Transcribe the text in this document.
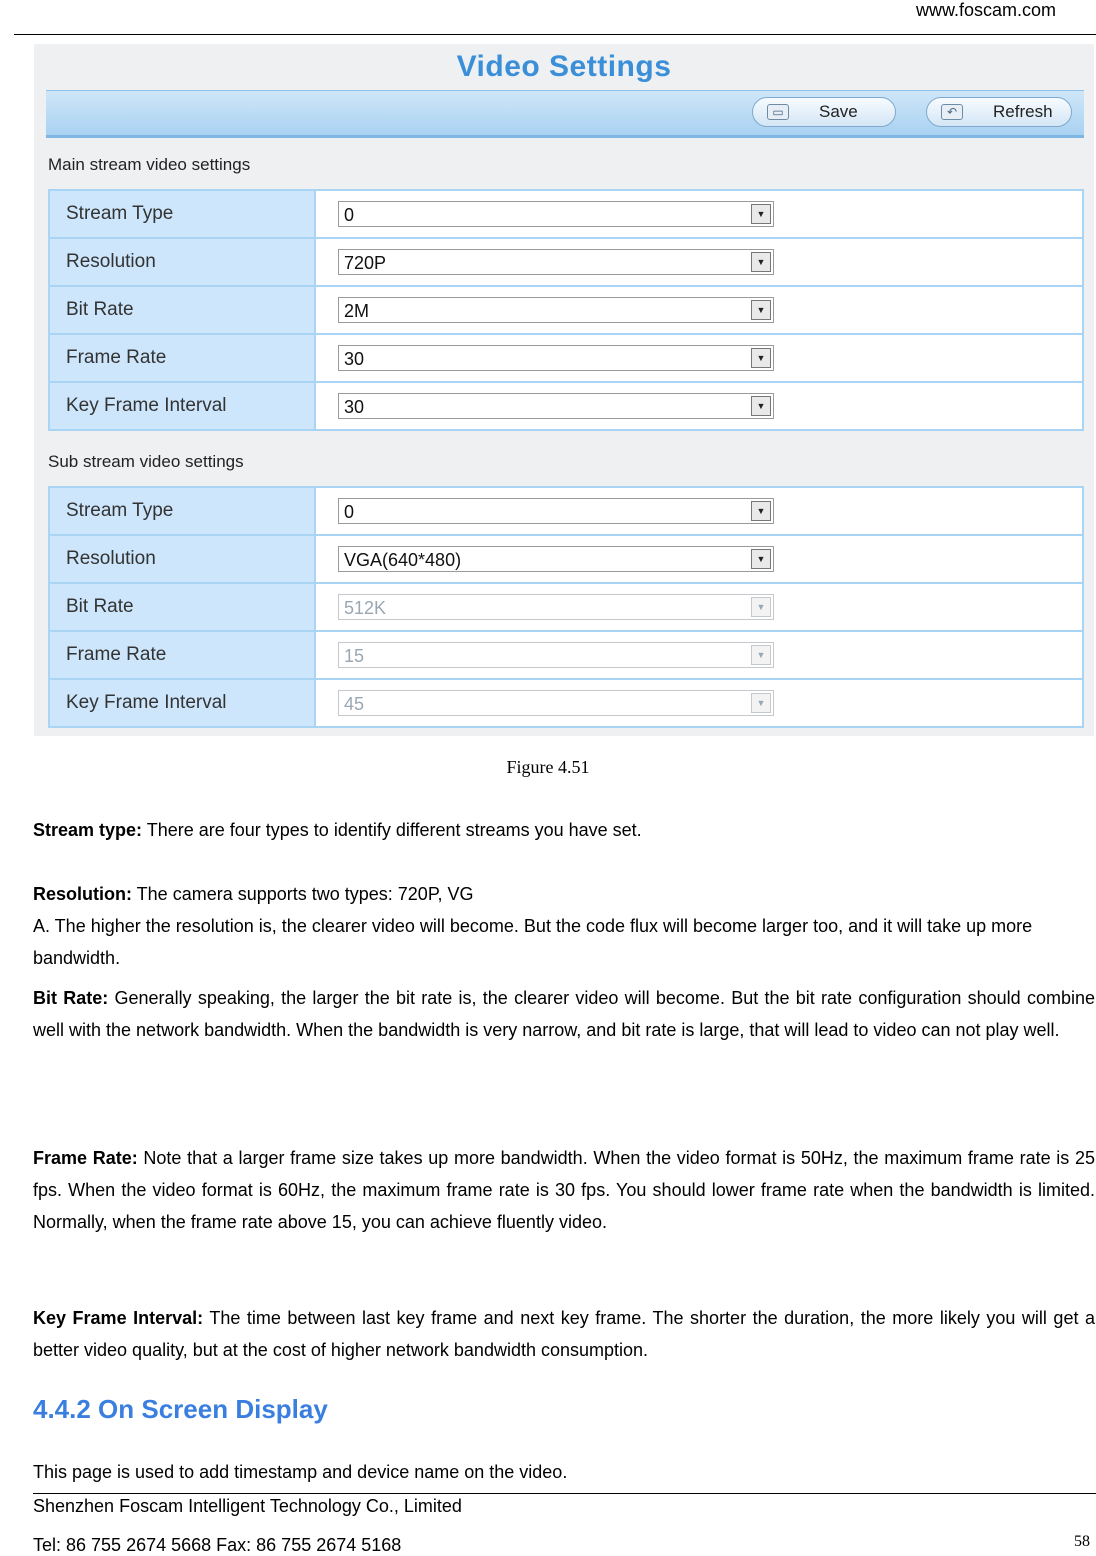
www.foscam.com
Video Settings
▭	Save	↶	Refresh
Main stream video settings
Stream Type	0 ▼

Resolution	720P ▼

Bit Rate	2M ▼

Frame Rate	30 ▼

Key Frame Interval	30 ▼
Sub stream video settings
Stream Type	0 ▼

Resolution	VGA(640*480) ▼

Bit Rate	512K ▼

Frame Rate	15 ▼

Key Frame Interval	45 ▼
Figure 4.51
Stream type: There are four types to identify different streams you have set.
Resolution: The camera supports two types: 720P, VG
A. The higher the resolution is, the clearer video will become. But the code flux will become larger too, and it will take up more bandwidth.
Bit Rate: Generally speaking, the larger the bit rate is, the clearer video will become. But the bit rate configuration should combine well with the network bandwidth. When the bandwidth is very narrow, and bit rate is large, that will lead to video can not play well.
Frame Rate: Note that a larger frame size takes up more bandwidth. When the video format is 50Hz, the maximum frame rate is 25 fps. When the video format is 60Hz, the maximum frame rate is 30 fps. You should lower frame rate when the bandwidth is limited. Normally, when the frame rate above 15, you can achieve fluently video.
Key Frame Interval: The time between last key frame and next key frame. The shorter the duration, the more likely you will get a better video quality, but at the cost of higher network bandwidth consumption.
4.4.2 On Screen Display
This page is used to add timestamp and device name on the video.
Shenzhen Foscam Intelligent Technology Co., Limited
Tel: 86 755 2674 5668 Fax: 86 755 2674 5168	58
